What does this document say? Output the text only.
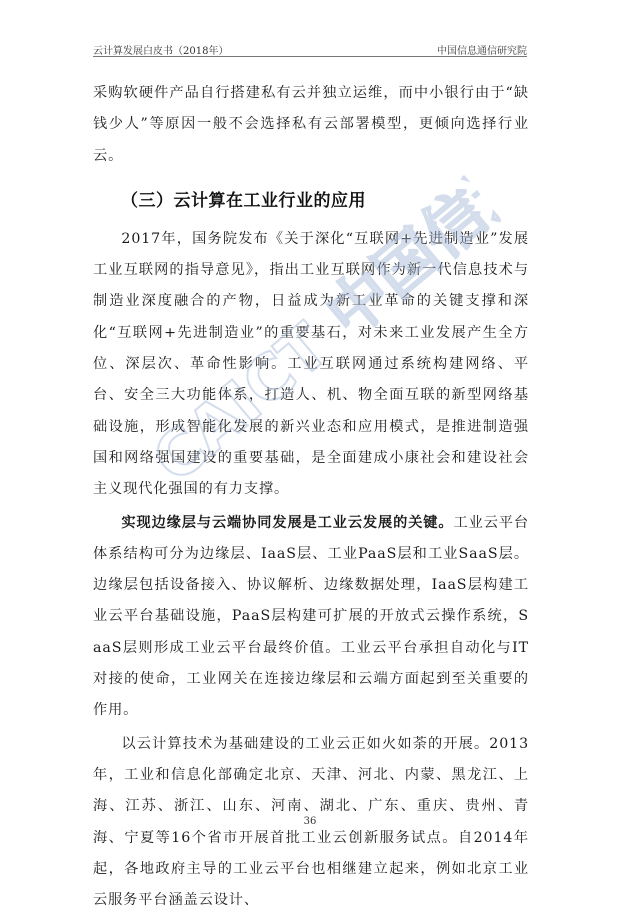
云计算发展白皮书（2018年）	中国信息通信研究院

采购软硬件产品自行搭建私有云并独立运维，而中小银行由于“缺钱少人”等原因一般不会选择私有云部署模型，更倾向选择行业云。

（三）云计算在工业行业的应用

2017年，国务院发布《关于深化“互联网+先进制造业”发展工业互联网的指导意见》，指出工业互联网作为新一代信息技术与制造业深度融合的产物，日益成为新工业革命的关键支撑和深化“互联网+先进制造业”的重要基石，对未来工业发展产生全方位、深层次、革命性影响。工业互联网通过系统构建网络、平台、安全三大功能体系，打造人、机、物全面互联的新型网络基础设施，形成智能化发展的新兴业态和应用模式，是推进制造强国和网络强国建设的重要基础，是全面建成小康社会和建设社会主义现代化强国的有力支撑。

实现边缘层与云端协同发展是工业云发展的关键。工业云平台体系结构可分为边缘层、IaaS层、工业PaaS层和工业SaaS层。边缘层包括设备接入、协议解析、边缘数据处理，IaaS层构建工业云平台基础设施，PaaS层构建可扩展的开放式云操作系统，SaaS层则形成工业云平台最终价值。工业云平台承担自动化与IT对接的使命，工业网关在连接边缘层和云端方面起到至关重要的作用。

以云计算技术为基础建设的工业云正如火如荼的开展。2013年，工业和信息化部确定北京、天津、河北、内蒙、黑龙江、上海、江苏、浙江、山东、河南、湖北、广东、重庆、贵州、青海、宁夏等16个省市开展首批工业云创新服务试点。自2014年起，各地政府主导的工业云平台也相继建立起来，例如北京工业云服务平台涵盖云设计、

CAICT 中国信通院
36
